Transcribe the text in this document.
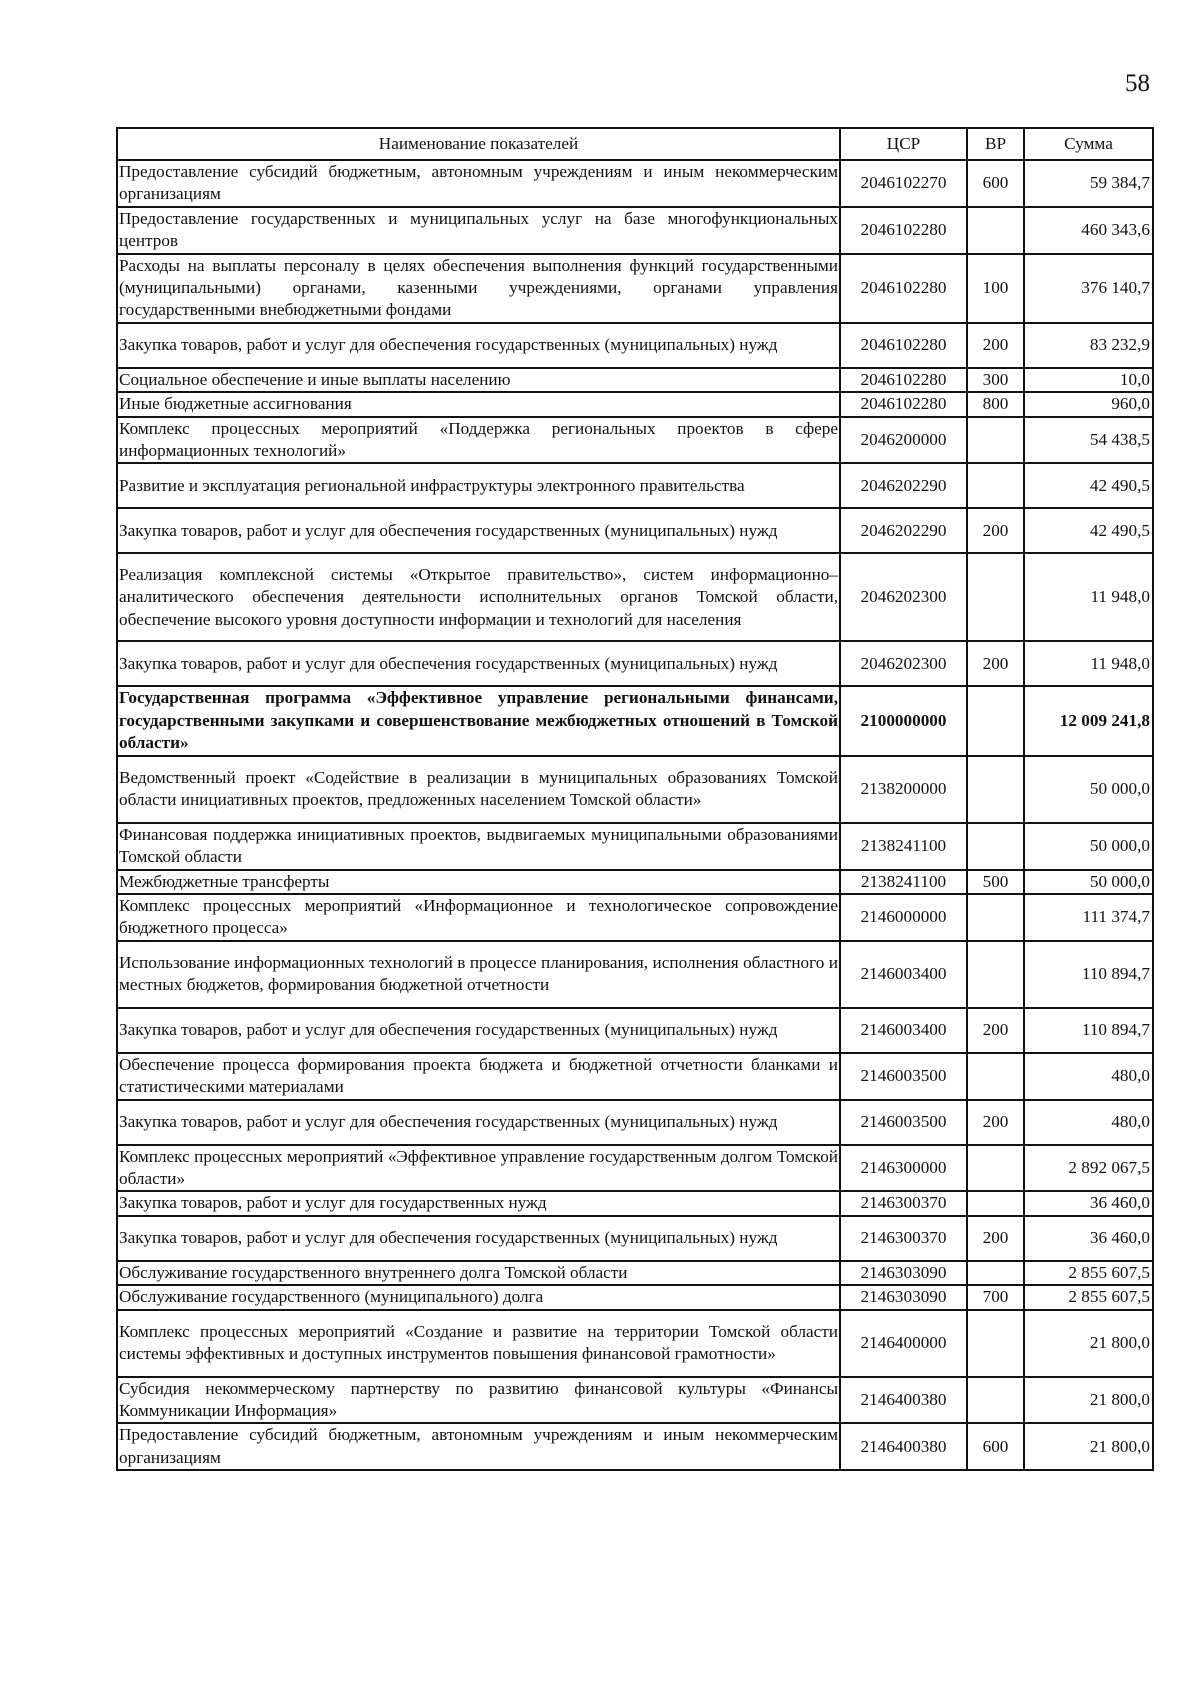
58
Наименование показателей	ЦСР	ВР	Сумма
Предоставление субсидий бюджетным, автономным учреждениям и иным некоммерческим организациям	2046102270	600	59 384,7
Предоставление государственных и муниципальных услуг на базе многофункциональных центров	2046102280		460 343,6
Расходы на выплаты персоналу в целях обеспечения выполнения функций государственными (муниципальными) органами, казенными учреждениями, органами управления государственными внебюджетными фондами	2046102280	100	376 140,7
Закупка товаров, работ и услуг для обеспечения государственных (муниципальных) нужд	2046102280	200	83 232,9
Социальное обеспечение и иные выплаты населению	2046102280	300	10,0
Иные бюджетные ассигнования	2046102280	800	960,0
Комплекс процессных мероприятий «Поддержка региональных проектов в сфере информационных технологий»	2046200000		54 438,5
Развитие и эксплуатация региональной инфраструктуры электронного правительства	2046202290		42 490,5
Закупка товаров, работ и услуг для обеспечения государственных (муниципальных) нужд	2046202290	200	42 490,5
Реализация комплексной системы «Открытое правительство», систем информационно–аналитического обеспечения деятельности исполнительных органов Томской области, обеспечение высокого уровня доступности информации и технологий для населения	2046202300		11 948,0
Закупка товаров, работ и услуг для обеспечения государственных (муниципальных) нужд	2046202300	200	11 948,0
Государственная программа «Эффективное управление региональными финансами, государственными закупками и совершенствование межбюджетных отношений в Томской области»	2100000000		12 009 241,8
Ведомственный проект «Содействие в реализации в муниципальных образованиях Томской области инициативных проектов, предложенных населением Томской области»	2138200000		50 000,0
Финансовая поддержка инициативных проектов, выдвигаемых муниципальными образованиями Томской области	2138241100		50 000,0
Межбюджетные трансферты	2138241100	500	50 000,0
Комплекс процессных мероприятий «Информационное и технологическое сопровождение бюджетного процесса»	2146000000		111 374,7
Использование информационных технологий в процессе планирования, исполнения областного и местных бюджетов, формирования бюджетной отчетности	2146003400		110 894,7
Закупка товаров, работ и услуг для обеспечения государственных (муниципальных) нужд	2146003400	200	110 894,7
Обеспечение процесса формирования проекта бюджета и бюджетной отчетности бланками и статистическими материалами	2146003500		480,0
Закупка товаров, работ и услуг для обеспечения государственных (муниципальных) нужд	2146003500	200	480,0
Комплекс процессных мероприятий «Эффективное управление государственным долгом Томской области»	2146300000		2 892 067,5
Закупка товаров, работ и услуг для государственных нужд	2146300370		36 460,0
Закупка товаров, работ и услуг для обеспечения государственных (муниципальных) нужд	2146300370	200	36 460,0
Обслуживание государственного внутреннего долга Томской области	2146303090		2 855 607,5
Обслуживание государственного (муниципального) долга	2146303090	700	2 855 607,5
Комплекс процессных мероприятий «Создание и развитие на территории Томской области системы эффективных и доступных инструментов повышения финансовой грамотности»	2146400000		21 800,0
Субсидия некоммерческому партнерству по развитию финансовой культуры «Финансы Коммуникации Информация»	2146400380		21 800,0
Предоставление субсидий бюджетным, автономным учреждениям и иным некоммерческим организациям	2146400380	600	21 800,0
